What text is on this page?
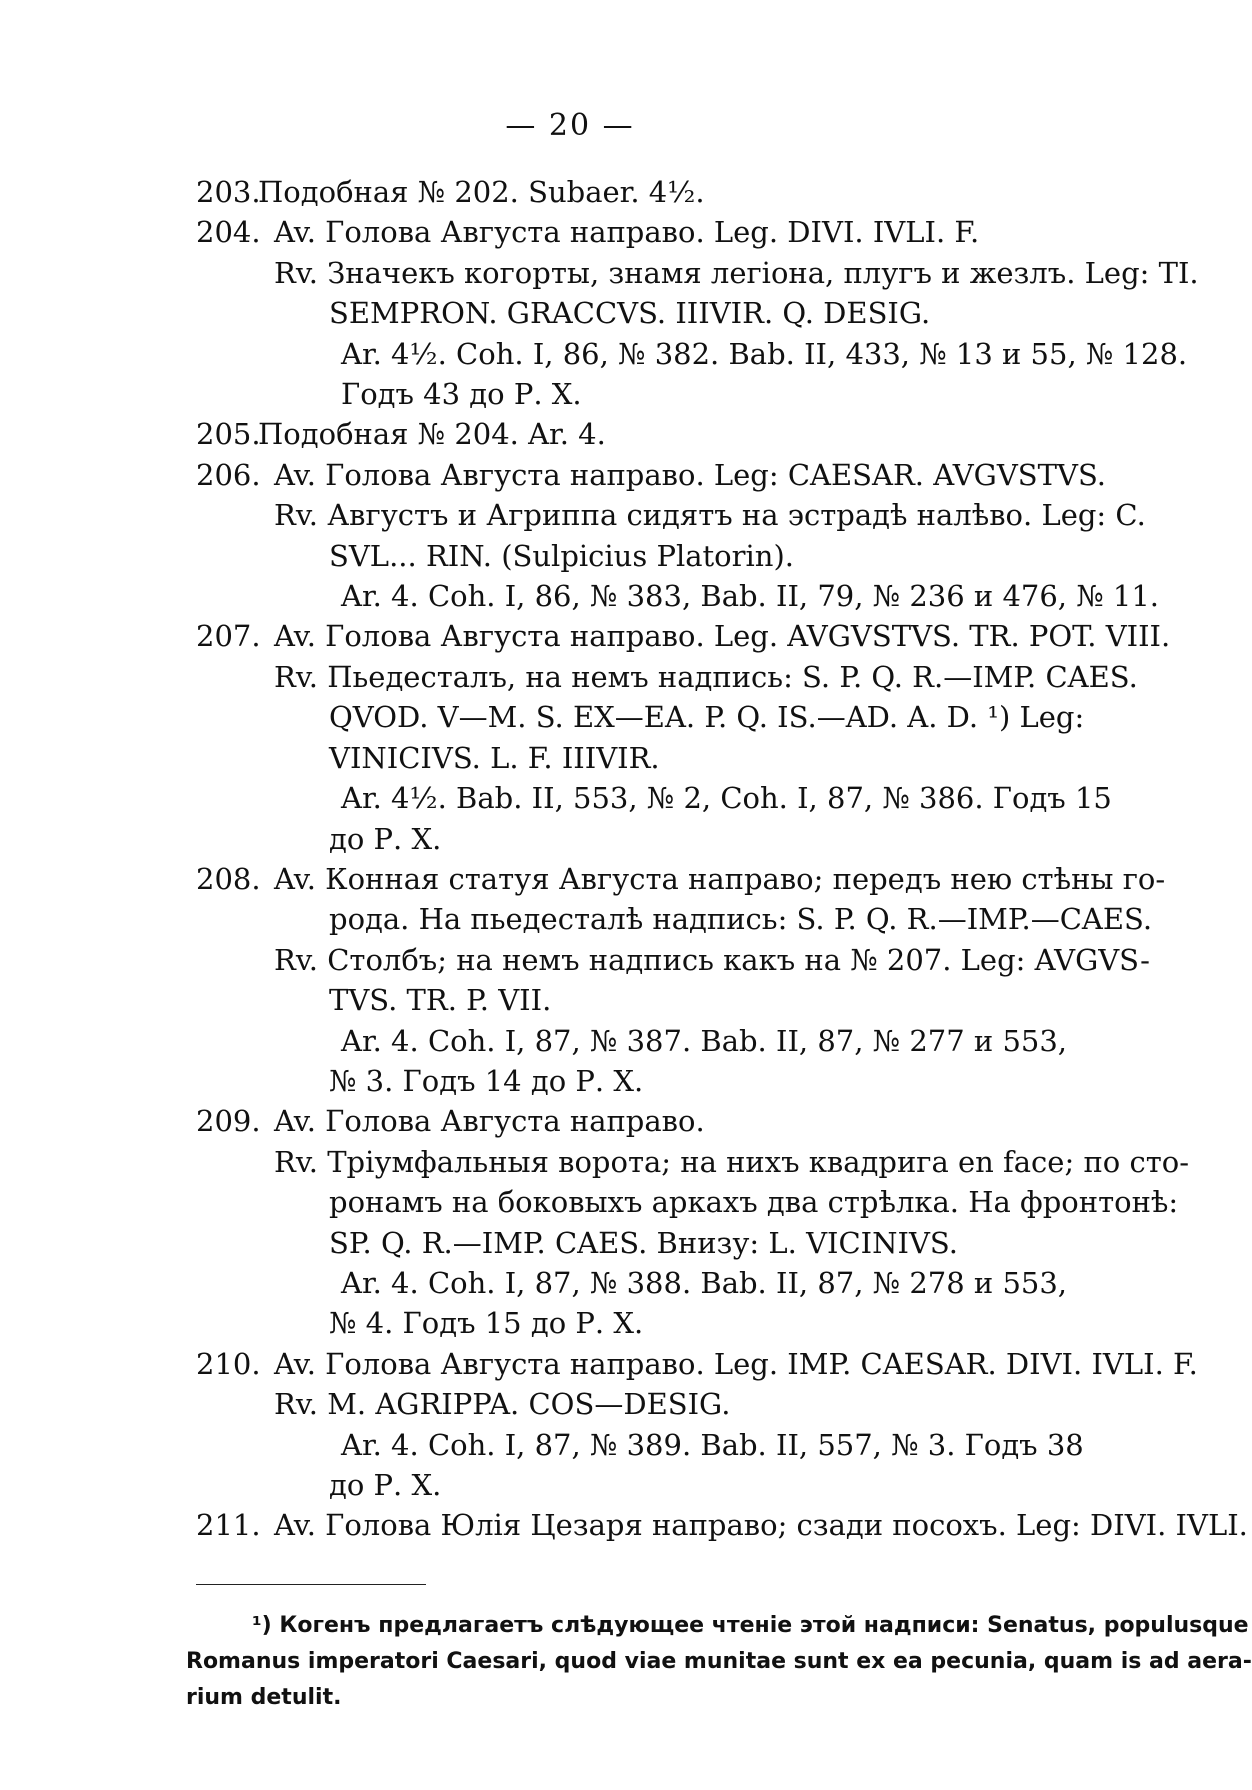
— 20 —
203.
Подобная № 202. Subaer. 4½.
204. Av. Голова Августа направо. Leg. DIVI. IVLI. F.
Rv. Значекъ когорты, знамя легіона, плугъ и жезлъ. Leg: TI.
SEMPRON. GRACCVS. IIIVIR. Q. DESIG.
Ar. 4½. Coh. I, 86, № 382. Bab. II, 433, № 13 и 55, № 128.
Годъ 43 до Р. Х.
205.
Подобная № 204. Ar. 4.
206. Av. Голова Августа направо. Leg: CAESAR. AVGVSTVS.
Rv. Августъ и Агриппа сидятъ на эстрадѣ налѣво. Leg: C.
SVL... RIN. (Sulpicius Platorin).
Ar. 4. Coh. I, 86, № 383, Bab. II, 79, № 236 и 476, № 11.
207. Av. Голова Августа направо. Leg. AVGVSTVS. TR. POT. VIII.
Rv. Пьедесталъ, на немъ надпись: S. P. Q. R.—IMP. CAES.
QVOD. V—M. S. EX—EA. P. Q. IS.—AD. A. D. ¹) Leg:
VINICIVS. L. F. IIIVIR.
Ar. 4½. Bab. II, 553, № 2, Coh. I, 87, № 386. Годъ 15
до Р. Х.
208. Av. Конная статуя Августа направо; передъ нею стѣны го-
рода. На пьедесталѣ надпись: S. P. Q. R.—IMP.—CAES.
Rv. Столбъ; на немъ надпись какъ на № 207. Leg: AVGVS-
TVS. TR. P. VII.
Ar. 4. Coh. I, 87, № 387. Bab. II, 87, № 277 и 553,
№ 3. Годъ 14 до Р. Х.
209. Av. Голова Августа направо.
Rv. Тріумфальныя ворота; на нихъ квадрига en face; по сто-
ронамъ на боковыхъ аркахъ два стрѣлка. На фронтонѣ:
SP. Q. R.—IMP. CAES. Внизу: L. VICINIVS.
Ar. 4. Coh. I, 87, № 388. Bab. II, 87, № 278 и 553,
№ 4. Годъ 15 до Р. Х.
210. Av. Голова Августа направо. Leg. IMP. CAESAR. DIVI. IVLI. F.
Rv. M. AGRIPPA. COS—DESIG.
Ar. 4. Coh. I, 87, № 389. Bab. II, 557, № 3. Годъ 38
до Р. Х.
211. Av. Голова Юлія Цезаря направо; сзади посохъ. Leg: DIVI. IVLI.
¹) Когенъ предлагаетъ слѣдующее чтеніе этой надписи: Senatus, populusque
Romanus imperatori Caesari, quod viae munitae sunt ex ea pecunia, quam is ad aera-
rium detulit.
